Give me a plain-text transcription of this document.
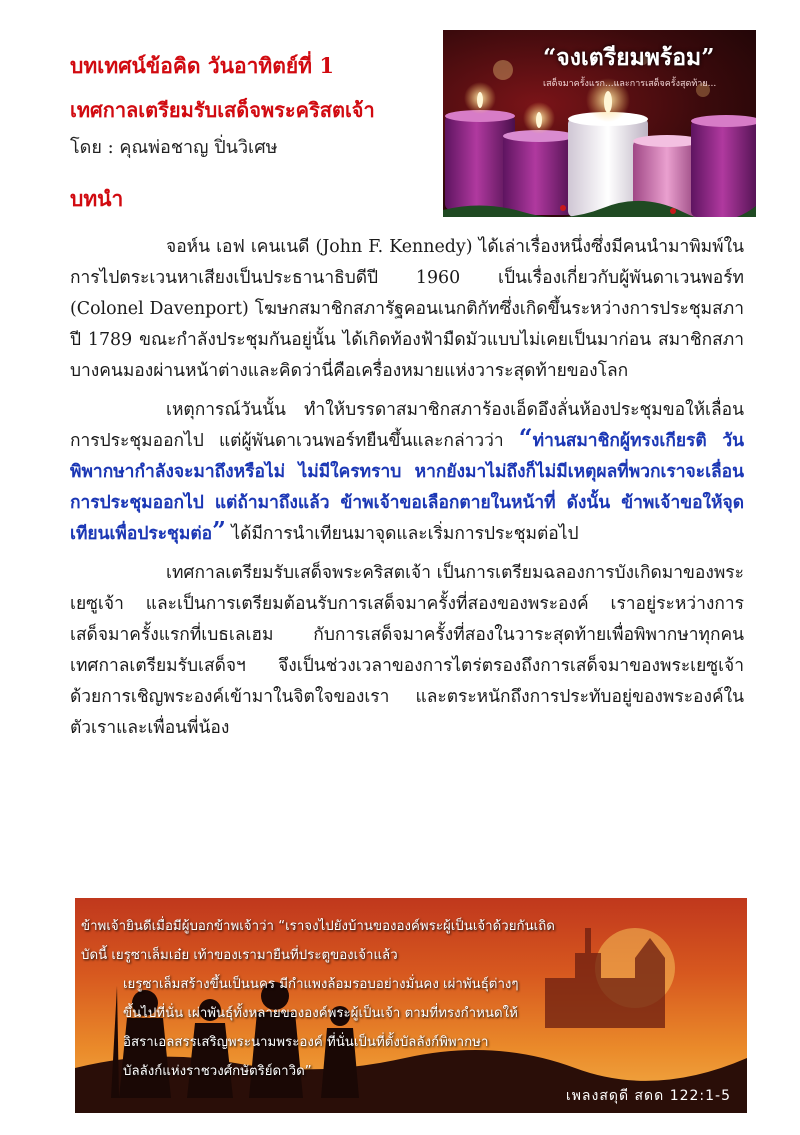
บทเทศน์ข้อคิด วันอาทิตย์ที่ 1
เทศกาลเตรียมรับเสด็จพระคริสตเจ้า
โดย : คุณพ่อชาญ ปิ่นวิเศษ
บทนำ
“จงเตรียมพร้อม”
เสด็จมาครั้งแรก...และการเสด็จครั้งสุดท้าย...

จอห์น เอฟ เคนเนดี (John F. Kennedy) ได้เล่าเรื่องหนึ่งซึ่งมีคนนำมาพิมพ์ในการไปตระเวนหาเสียงเป็นประธานาธิบดีปี 1960 เป็นเรื่องเกี่ยวกับผู้พันดาเวนพอร์ท (Colonel Davenport) โฆษกสมาชิกสภารัฐคอนเนกติกัทซึ่งเกิดขึ้นระหว่างการประชุมสภาปี 1789 ขณะกำลังประชุมกันอยู่นั้น ได้เกิดท้องฟ้ามืดมัวแบบไม่เคยเป็นมาก่อน สมาชิกสภาบางคนมองผ่านหน้าต่างและคิดว่านี่คือเครื่องหมายแห่งวาระสุดท้ายของโลก

เหตุการณ์วันนั้น ทำให้บรรดาสมาชิกสภาร้องเอ็ดอึงลั่นห้องประชุมขอให้เลื่อนการประชุมออกไป แต่ผู้พันดาเวนพอร์ทยืนขึ้นและกล่าวว่า “ท่านสมาชิกผู้ทรงเกียรติ วันพิพากษากำลังจะมาถึงหรือไม่ ไม่มีใครทราบ หากยังมาไม่ถึงก็ไม่มีเหตุผลที่พวกเราจะเลื่อนการประชุมออกไป แต่ถ้ามาถึงแล้ว ข้าพเจ้าขอเลือกตายในหน้าที่ ดังนั้น ข้าพเจ้าขอให้จุดเทียนเพื่อประชุมต่อ” ได้มีการนำเทียนมาจุดและเริ่มการประชุมต่อไป

เทศกาลเตรียมรับเสด็จพระคริสตเจ้า เป็นการเตรียมฉลองการบังเกิดมาของพระเยซูเจ้า และเป็นการเตรียมต้อนรับการเสด็จมาครั้งที่สองของพระองค์ เราอยู่ระหว่างการเสด็จมาครั้งแรกที่เบธเลเฮม กับการเสด็จมาครั้งที่สองในวาระสุดท้ายเพื่อพิพากษาทุกคน เทศกาลเตรียมรับเสด็จฯ จึงเป็นช่วงเวลาของการไตร่ตรองถึงการเสด็จมาของพระเยซูเจ้า ด้วยการเชิญพระองค์เข้ามาในจิตใจของเรา และตระหนักถึงการประทับอยู่ของพระองค์ในตัวเราและเพื่อนพี่น้อง

ข้าพเจ้ายินดีเมื่อมีผู้บอกข้าพเจ้าว่า “เราจงไปยังบ้านขององค์พระผู้เป็นเจ้าด้วยกันเถิด
บัดนี้ เยรูซาเล็มเอ๋ย เท้าของเรามายืนที่ประตูของเจ้าแล้ว
เยรูซาเล็มสร้างขึ้นเป็นนคร มีกำแพงล้อมรอบอย่างมั่นคง เผ่าพันธุ์ต่างๆ
ขึ้นไปที่นั่น เผ่าพันธุ์ทั้งหลายขององค์พระผู้เป็นเจ้า ตามที่ทรงกำหนดให้
อิสราเอลสรรเสริญพระนามพระองค์ ที่นั่นเป็นที่ตั้งบัลลังก์พิพากษา
บัลลังก์แห่งราชวงศ์กษัตริย์ดาวิด”
เพลงสดุดี สดด 122:1-5
